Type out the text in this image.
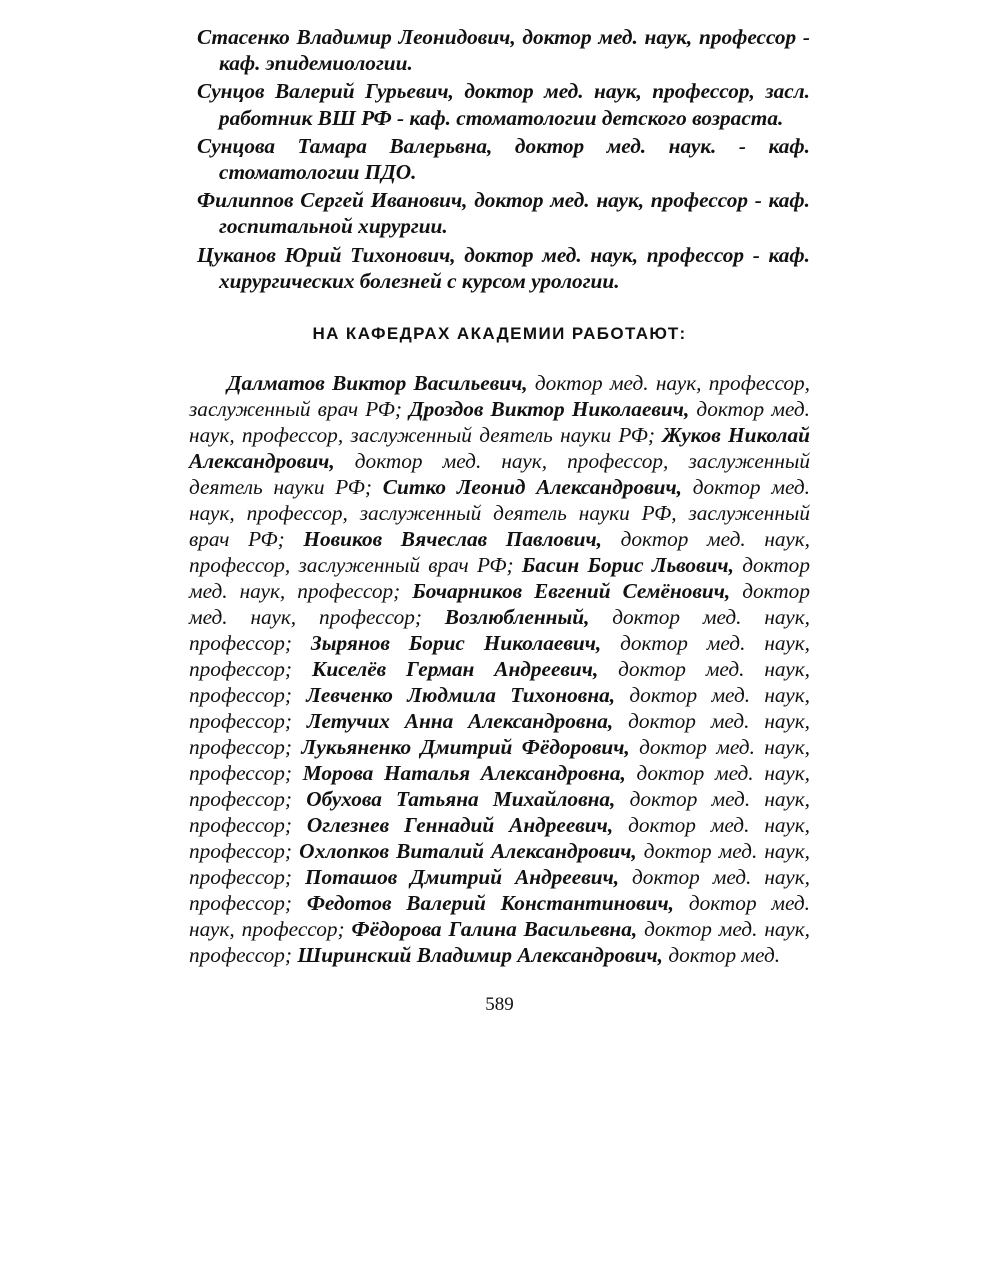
Стасенко Владимир Леонидович, доктор мед. наук, профессор - каф. эпидемиологии.
Сунцов Валерий Гурьевич, доктор мед. наук, профессор, засл. работник ВШ РФ - каф. стоматологии детского возраста.
Сунцова Тамара Валерьвна, доктор мед. наук. - каф. стоматологии ПДО.
Филиппов Сергей Иванович, доктор мед. наук, профессор - каф. госпитальной хирургии.
Цуканов Юрий Тихонович, доктор мед. наук, профессор - каф. хирургических болезней с курсом урологии.
НА КАФЕДРАХ АКАДЕМИИ РАБОТАЮТ:

Далматов Виктор Васильевич, доктор мед. наук, профессор, заслуженный врач РФ; Дроздов Виктор Николаевич, доктор мед. наук, профессор, заслуженный деятель науки РФ; Жуков Николай Александрович, доктор мед. наук, профессор, заслуженный деятель науки РФ; Ситко Леонид Александрович, доктор мед. наук, профессор, заслуженный деятель науки РФ, заслуженный врач РФ; Новиков Вячеслав Павлович, доктор мед. наук, профессор, заслуженный врач РФ; Басин Борис Львович, доктор мед. наук, профессор; Бочарников Евгений Семёнович, доктор мед. наук, профессор; Возлюбленный, доктор мед. наук, профессор; Зырянов Борис Николаевич, доктор мед. наук, профессор; Киселёв Герман Андреевич, доктор мед. наук, профессор; Левченко Людмила Тихоновна, доктор мед. наук, профессор; Летучих Анна Александровна, доктор мед. наук, профессор; Лукьяненко Дмитрий Фёдорович, доктор мед. наук, профессор; Морова Наталья Александровна, доктор мед. наук, профессор; Обухова Татьяна Михайловна, доктор мед. наук, профессор; Оглезнев Геннадий Андреевич, доктор мед. наук, профессор; Охлопков Виталий Александрович, доктор мед. наук, профессор; Поташов Дмитрий Андреевич, доктор мед. наук, профессор; Федотов Валерий Константинович, доктор мед. наук, профессор; Фёдорова Галина Васильевна, доктор мед. наук, профессор; Ширинский Владимир Александрович, доктор мед.

589
